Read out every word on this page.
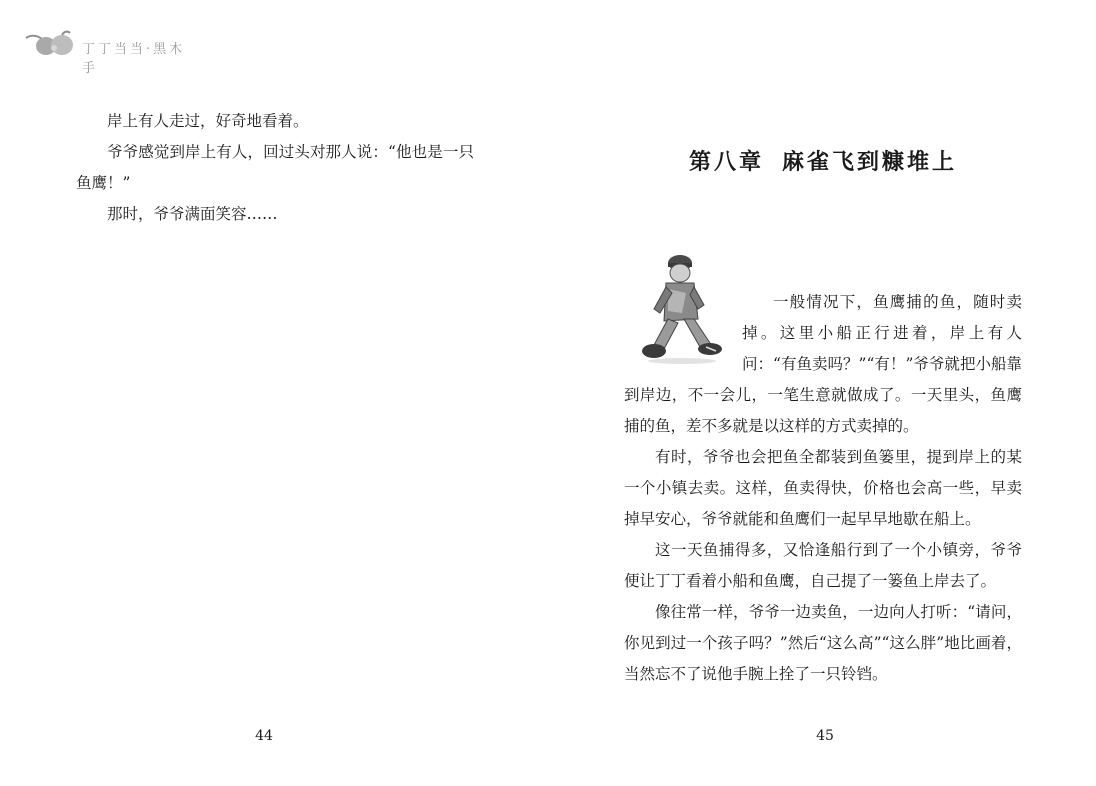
丁丁当当·黑木手

岸上有人走过，好奇地看着。

爷爷感觉到岸上有人，回过头对那人说：“他也是一只鱼鹰！”

那时，爷爷满面笑容……

第八章 麻雀飞到糠堆上

一般情况下，鱼鹰捕的鱼，随时卖掉。这里小船正行进着，岸上有人问：“有鱼卖吗？”“有！”爷爷就把小船靠到岸边，不一会儿，一笔生意就做成了。一天里头，鱼鹰捕的鱼，差不多就是以这样的方式卖掉的。

有时，爷爷也会把鱼全都装到鱼篓里，提到岸上的某一个小镇去卖。这样，鱼卖得快，价格也会高一些，早卖掉早安心，爷爷就能和鱼鹰们一起早早地歇在船上。

这一天鱼捕得多，又恰逢船行到了一个小镇旁，爷爷便让丁丁看着小船和鱼鹰，自己提了一篓鱼上岸去了。

像往常一样，爷爷一边卖鱼，一边向人打听：“请问，你见到过一个孩子吗？”然后“这么高”“这么胖”地比画着，当然忘不了说他手腕上拴了一只铃铛。

44	45
